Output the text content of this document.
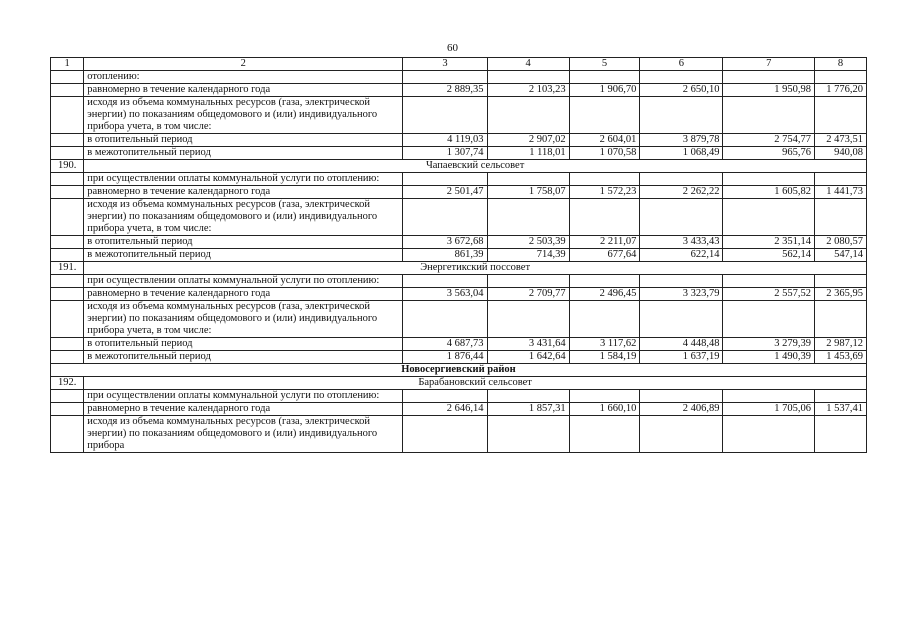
60
1	2	3	4	5	6	7	8
	отоплению:						
	равномерно в течение календарного года	2 889,35	2 103,23	1 906,70	2 650,10	1 950,98	1 776,20
	исходя из объема коммунальных ресурсов (газа, электрической энергии) по показаниям общедомового и (или) индивидуального прибора учета, в том числе:						
	в отопительный период	4 119,03	2 907,02	2 604,01	3 879,78	2 754,77	2 473,51
	в межотопительный период	1 307,74	1 118,01	1 070,58	1 068,49	965,76	940,08
190.	Чапаевский сельсовет						
	при осуществлении оплаты коммунальной услуги по отоплению:						
	равномерно в течение календарного года	2 501,47	1 758,07	1 572,23	2 262,22	1 605,82	1 441,73
	исходя из объема коммунальных ресурсов (газа, электрической энергии) по показаниям общедомового и (или) индивидуального прибора учета, в том числе:						
	в отопительный период	3 672,68	2 503,39	2 211,07	3 433,43	2 351,14	2 080,57
	в межотопительный период	861,39	714,39	677,64	622,14	562,14	547,14
191.	Энергетикский поссовет						
	при осуществлении оплаты коммунальной услуги по отоплению:						
	равномерно в течение календарного года	3 563,04	2 709,77	2 496,45	3 323,79	2 557,52	2 365,95
	исходя из объема коммунальных ресурсов (газа, электрической энергии) по показаниям общедомового и (или) индивидуального прибора учета, в том числе:						
	в отопительный период	4 687,73	3 431,64	3 117,62	4 448,48	3 279,39	2 987,12
	в межотопительный период	1 876,44	1 642,64	1 584,19	1 637,19	1 490,39	1 453,69
Новосергиевский район							
192.	Барабановский сельсовет						
	при осуществлении оплаты коммунальной услуги по отоплению:						
	равномерно в течение календарного года	2 646,14	1 857,31	1 660,10	2 406,89	1 705,06	1 537,41
	исходя из объема коммунальных ресурсов (газа, электрической энергии) по показаниям общедомового и (или) индивидуального прибора						
